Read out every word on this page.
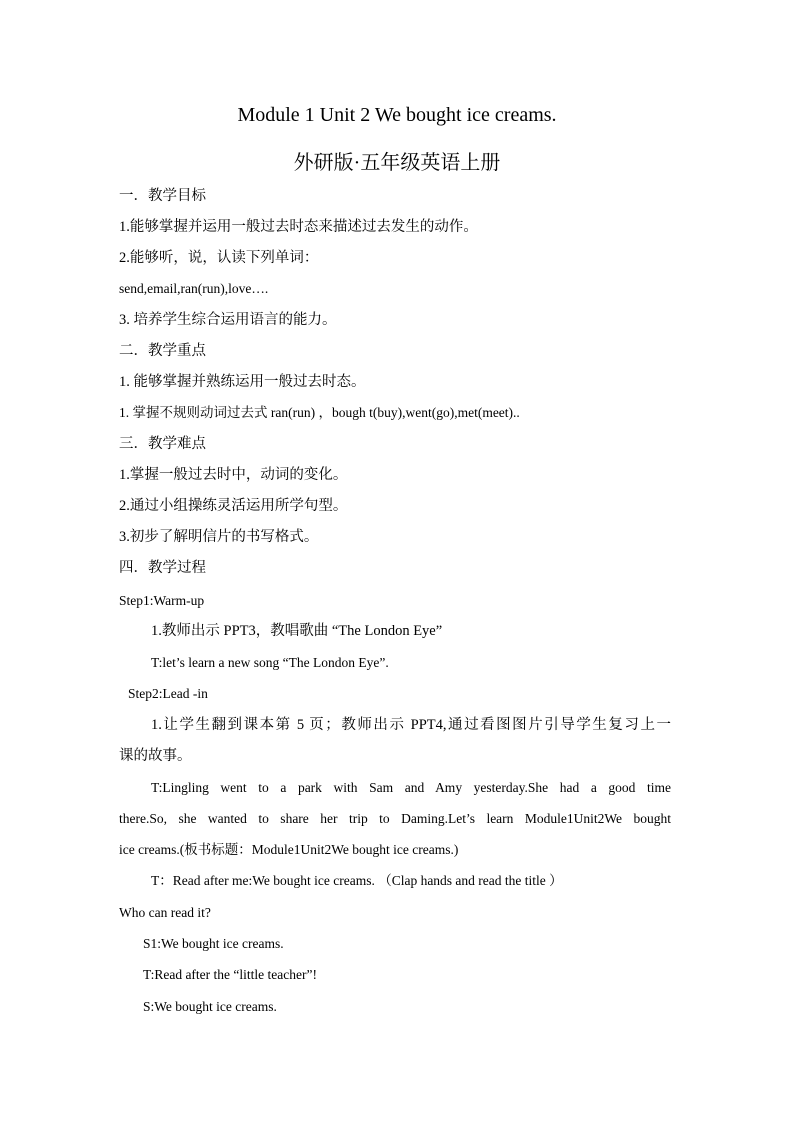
Module 1 Unit 2 We bought ice creams.
外研版·五年级英语上册
一．教学目标
1.能够掌握并运用一般过去时态来描述过去发生的动作。
2.能够听，说，认读下列单词：
send,email,ran(run),love….
3. 培养学生综合运用语言的能力。
二．教学重点
1. 能够掌握并熟练运用一般过去时态。
1. 掌握不规则动词过去式 ran(run) ，bough t(buy),went(go),met(meet)..
三．教学难点
1.掌握一般过去时中，动词的变化。
2.通过小组操练灵活运用所学句型。
3.初步了解明信片的书写格式。
四．教学过程
Step1:Warm-up
1.教师出示 PPT3，教唱歌曲 “The London Eye”
T:let’s learn a new song “The London Eye”.
Step2:Lead -in
1.让学生翻到课本第 5 页；教师出示 PPT4,通过看图图片引导学生复习上一
课的故事。
T:Lingling went to a park with Sam and Amy yesterday.She had a good time
there.So, she wanted to share her trip to Daming.Let’s learn Module1Unit2We bought
ice creams.(板书标题：Module1Unit2We bought ice creams.)
T：Read after me:We bought ice creams. （Clap hands and read the title ）
Who can read it?
S1:We bought ice creams.
T:Read after the “little teacher”!
S:We bought ice creams.
